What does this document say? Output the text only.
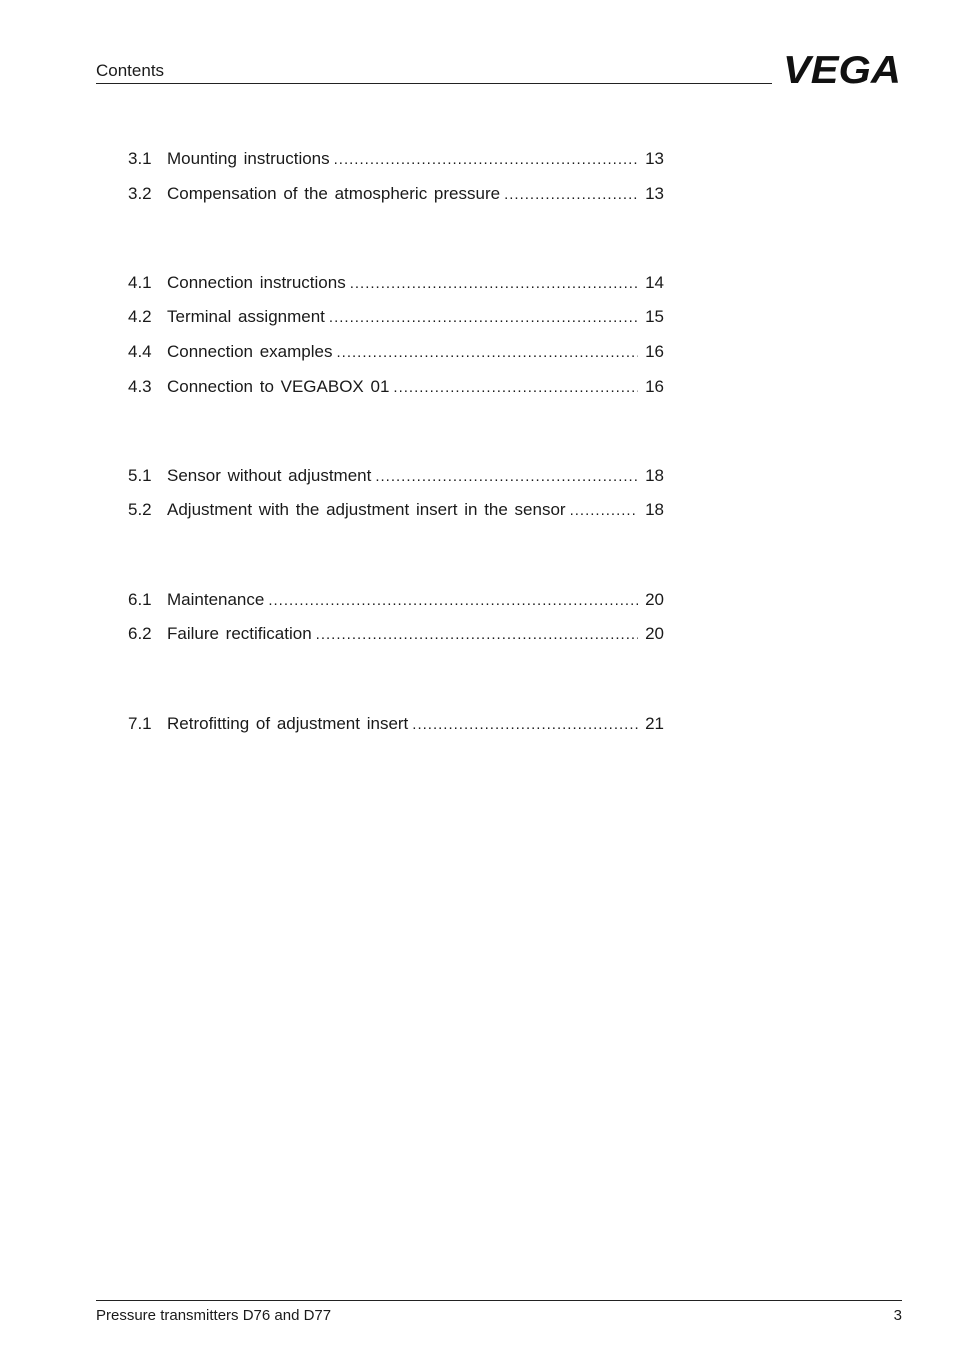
Contents	VEGA
3.1 Mounting instructions .....	13
3.2 Compensation of the atmospheric pressure .....	13
4.1 Connection instructions .....	14
4.2 Terminal assignment .....	15
4.4 Connection examples .....	16
4.3 Connection to VEGABOX 01 .....	16
5.1 Sensor without adjustment .....	18
5.2 Adjustment with the adjustment insert in the sensor .....	18
6.1 Maintenance .....	20
6.2 Failure rectification .....	20
7.1 Retrofitting of adjustment insert .....	21
Pressure transmitters D76 and D77	3
